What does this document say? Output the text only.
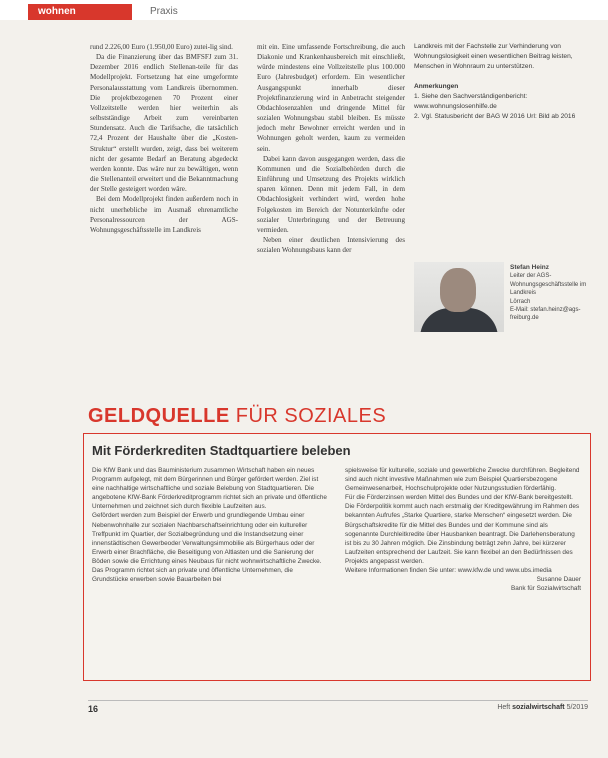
wohnen	Praxis

rund 2.226,00 Euro (1.950,00 Euro) zutei-lig sind.

Da die Finanzierung über das BMFSFJ zum 31. Dezember 2016 endlich Stellenan-teile für das Modellprojekt. Fortsetzung hat eine umgeformte Personalausstattung vom Landkreis übernommen. Die projektbezogenen 70 Prozent einer Vollzeitstelle werden hier weiterhin als selbstständige Arbeit zum vereinbarten Stundensatz. Auch die Tarifsache, die tatsächlich 72,4 Prozent der Haushalte über die „Kosten-Struktur“ erstellt wurden, zeigt, dass bei weiterem nicht der gesamte Bedarf an Beratung abgedeckt werden konnte. Das wäre nur zu bewältigen, wenn die Stellenanteil erweitert und die Bekanntmachung der Stelle gesteigert worden wäre.

Bei dem Modellprojekt finden außerdem noch in nicht unerhebliche im Ausmaß ehrenamtliche Personalressourcen der AGS-Wohnungsgeschäftsstelle im Landkreis

mit ein. Eine umfassende Fortschreibung, die auch Diakonie und Krankenhausbereich mit einschließt, würde mindestens eine Vollzeitstelle plus 100.000 Euro (Jahresbudget) erfordern. Ein wesentlicher Ausgangspunkt innerhalb dieser Projektfinanzierung wird in Anbetracht steigender Obdachlosenzahlen und dringende Mittel für sozialen Wohnungsbau stabil bleiben. Es müsste jedoch mehr Bewohner erreicht werden und in Wohnungen geholt werden, kaum zu vermeiden sein.

Dabei kann davon ausgegangen werden, dass die Kommunen und die Sozialbehörden durch die Einführung und Umsetzung des Projekts wirklich sparen können. Denn mit jedem Fall, in dem Obdachlosigkeit verhindert wird, werden hohe Folgekosten im Bereich der Notunterkünfte oder sozialer Unterbringung und der Betreuung vermieden.

Neben einer deutlichen Intensivierung des sozialen Wohnungsbaus kann der

Landkreis mit der Fachstelle zur Verhinderung von Wohnungslosigkeit einen wesentlichen Beitrag leisten, Menschen in Wohnraum zu unterstützen.
Anmerkungen
1. Siehe den Sachverständigenbericht: www.wohnungslosenhilfe.de
2. Vgl. Statusbericht der BAG W 2016 Url: Bild ab 2016
Stefan Heinz
Leiter der AGS-Wohnungsgeschäftsstelle im Landkreis
Lörrach
E-Mail: stefan.heinz@ags-
freiburg.de
GELDQUELLE FÜR SOZIALES
Mit Förderkrediten Stadtquartiere beleben

Die KfW Bank und das Bauministerium zusammen Wirtschaft haben ein neues Programm aufgelegt, mit dem Bürgerinnen und Bürger gefördert werden. Ziel ist eine nachhaltige wirtschaftliche und soziale Belebung von Stadtquartieren. Die angebotene KfW-Bank Förderkreditprogramm richtet sich an private und öffentliche Unternehmen und zeichnet sich durch flexible Laufzeiten aus.

Gefördert werden zum Beispiel der Erwerb und grundlegende Umbau einer Nebenwohnhalle zur sozialen Nachbarschaftseinrichtung oder ein kultureller Treffpunkt im Quartier, der Sozialbegründung und die Instandsetzung einer innenstädtischen Gewerbeoder Verwaltungsimmobilie als Bürgerhaus oder der Erwerb einer Brachfläche, die Beseitigung von Altlasten und die Sanierung der Böden sowie die Errichtung eines Neubaus für nicht wohnwirtschaftliche Zwecke.

Das Programm richtet sich an private und öffentliche Unternehmen, die Grundstücke erwerben sowie Bauarbeiten bei

spielsweise für kulturelle, soziale und gewerbliche Zwecke durchführen. Begleitend sind auch nicht investive Maßnahmen wie zum Beispiel Quartiersbezogene Gemeinwesenarbeit, Hochschulprojekte oder Nutzungsstudien förderfähig.

Für die Förderzinsen werden Mittel des Bundes und der KfW-Bank bereitgestellt. Die Förderpolitik kommt auch nach erstmalig der Kreditgewährung im Rahmen des bekannten Aufrufes „Starke Quartiere, starke Menschen“ eingesetzt werden. Die Bürgschaftskredite für die Mittel des Bundes und der Kommune sind als sogenannte Durchleitkredite über Hausbanken beantragt. Die Darlehensberatung ist bis zu 30 Jahren möglich. Die Zinsbindung beträgt zehn Jahre, bei kürzerer Laufzeiten entsprechend der Laufzeit. Sie kann flexibel an den Bedürfnissen des Projekts angepasst werden.

Weitere Informationen finden Sie unter: www.kfw.de und www.ubs.imedia

Susanne Dauer

Bank für Sozialwirtschaft

16	Heft sozialwirtschaft 5/2019
